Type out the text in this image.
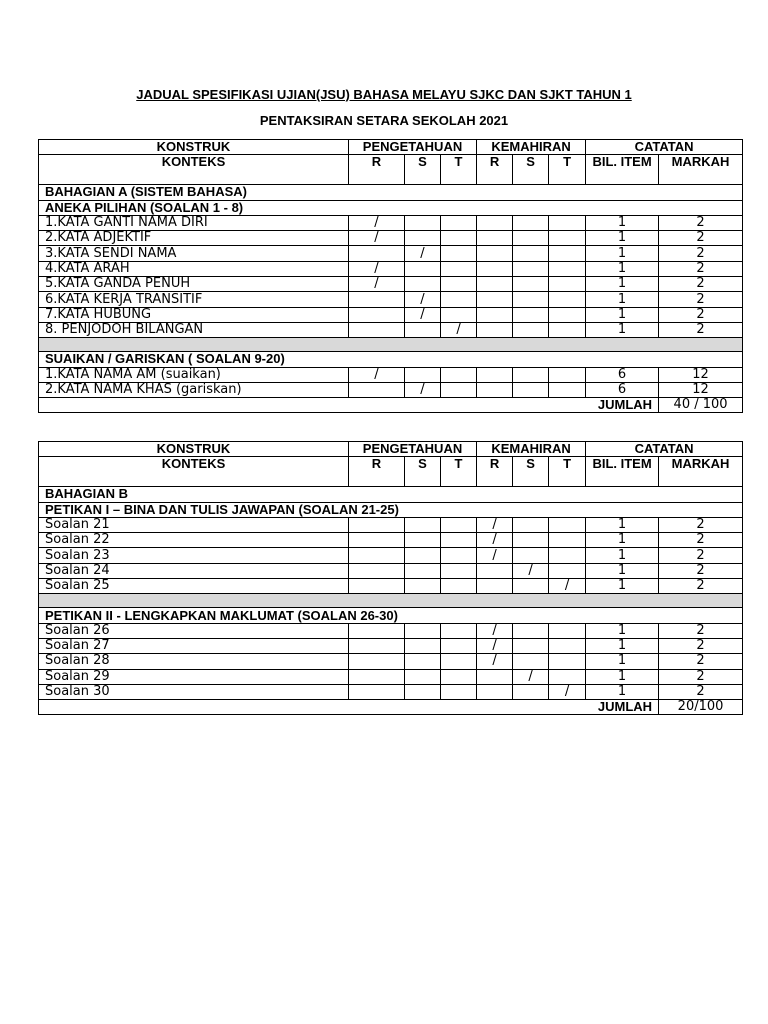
JADUAL SPESIFIKASI UJIAN(JSU) BAHASA MELAYU SJKC DAN SJKT TAHUN 1
PENTAKSIRAN SETARA SEKOLAH 2021
KONSTRUK	PENGETAHUAN			KEMAHIRAN			CATATAN	
KONTEKS	R	S	T	R	S	T	BIL. ITEM	MARKAH
BAHAGIAN A (SISTEM BAHASA)								
ANEKA PILIHAN (SOALAN 1 - 8)								
1.KATA GANTI NAMA DIRI	/						1	2
2.KATA ADJEKTIF	/						1	2
3.KATA SENDI NAMA		/					1	2
4.KATA ARAH	/						1	2
5.KATA GANDA PENUH	/						1	2
6.KATA KERJA TRANSITIF		/					1	2
7.KATA HUBUNG		/					1	2
8. PENJODOH BILANGAN			/				1	2

SUAIKAN / GARISKAN ( SOALAN 9-20)								
1.KATA NAMA AM (suaikan)	/						6	12
2.KATA NAMA KHAS (gariskan)		/					6	12
JUMLAH								40 / 100
KONSTRUK	PENGETAHUAN			KEMAHIRAN			CATATAN	
KONTEKS	R	S	T	R	S	T	BIL. ITEM	MARKAH
BAHAGIAN B								
PETIKAN I – BINA DAN TULIS JAWAPAN (SOALAN 21-25)								
Soalan 21				/			1	2
Soalan 22				/			1	2
Soalan 23				/			1	2
Soalan 24					/		1	2
Soalan 25						/	1	2

PETIKAN II - LENGKAPKAN MAKLUMAT (SOALAN 26-30)								
Soalan 26				/			1	2
Soalan 27				/			1	2
Soalan 28				/			1	2
Soalan 29					/		1	2
Soalan 30						/	1	2
JUMLAH								20/100
